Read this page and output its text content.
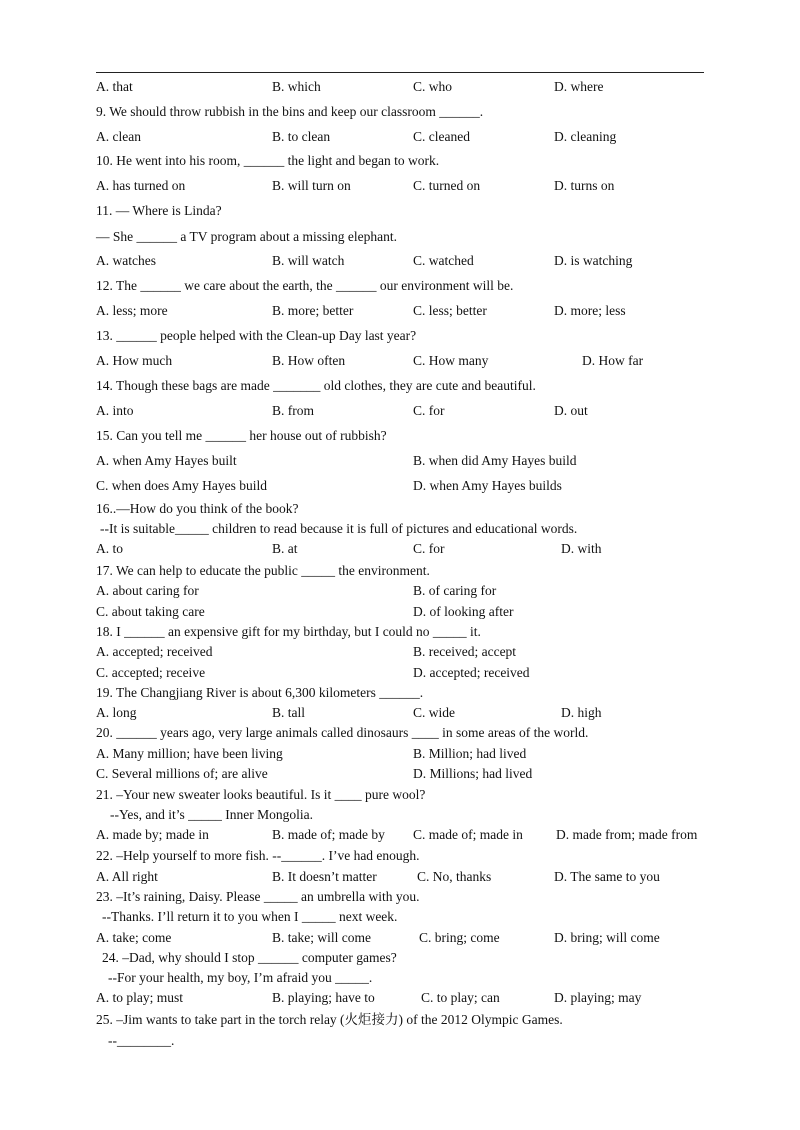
A. that	B. which	C. who	D. where
9. We should throw rubbish in the bins and keep our classroom ______.
A. clean	B. to clean	C. cleaned	D. cleaning
10. He went into his room, ______ the light and began to work.
A. has turned on	B. will turn on	C. turned on	D. turns on
11. — Where is Linda?
— She ______ a TV program about a missing elephant.
A. watches	B. will watch	C. watched	D. is watching
12. The ______ we care about the earth, the ______ our environment will be.
A. less; more	B. more; better	C. less; better	D. more; less
13. ______ people helped with the Clean-up Day last year?
A. How much	B. How often	C. How many	D. How far
14. Though these bags are made _______ old clothes, they are cute and beautiful.
A. into	B. from	C. for	D. out
15. Can you tell me ______ her house out of rubbish?
A. when Amy Hayes built	B. when did Amy Hayes build
C. when does Amy Hayes build	D. when Amy Hayes builds
16..—How do you think of the book?
--It is suitable_____ children to read because it is full of pictures and educational words.
A. to	B. at	C. for	D. with
17. We can help to educate the public _____ the environment.
A. about caring for	B. of caring for
C. about taking care	D. of looking after
18. I ______ an expensive gift for my birthday, but I could no _____ it.
A. accepted; received	B. received; accept
C. accepted; receive	D. accepted; received
19. The Changjiang River is about 6,300 kilometers ______.
A. long	B. tall	C. wide	D. high
20. ______ years ago, very large animals called dinosaurs ____ in some areas of the world.
A. Many million; have been living	B. Million; had lived
C. Several millions of; are alive	D. Millions; had lived
21. –Your new sweater looks beautiful. Is it ____ pure wool?
--Yes, and it’s _____ Inner Mongolia.
A. made by; made in	B. made of; made by C. made of; made in D. made from; made from
22. –Help yourself to more fish. --______. I’ve had enough.
A. All right	B. It doesn’t matter	C. No, thanks	D. The same to you
23. –It’s raining, Daisy. Please _____ an umbrella with you.
--Thanks. I’ll return it to you when I _____ next week.
A. take; come	B. take; will come	C. bring; come	D. bring; will come
24. –Dad, why should I stop ______ computer games?
--For your health, my boy, I’m afraid you _____.
A. to play; must	B. playing; have to	C. to play; can	D. playing; may
25. –Jim wants to take part in the torch relay (火炬接力) of the 2012 Olympic Games.
--________.
